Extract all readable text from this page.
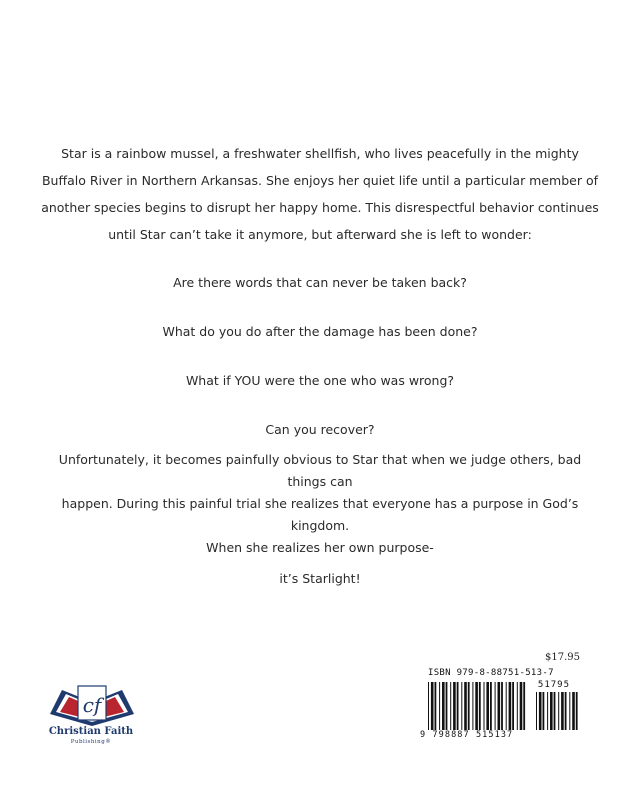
Star is a rainbow mussel, a freshwater shellfish, who lives peacefully in the mighty Buffalo River in Northern Arkansas. She enjoys her quiet life until a particular member of another species begins to disrupt her happy home. This disrespectful behavior continues until Star can’t take it anymore, but afterward she is left to wonder:

Are there words that can never be taken back?

What do you do after the damage has been done?

What if YOU were the one who was wrong?

Can you recover?

Unfortunately, it becomes painfully obvious to Star that when we judge others, bad things can
happen. During this painful trial she realizes that everyone has a purpose in God’s kingdom.
When she realizes her own purpose-

it’s Starlight!

cf
Christian Faith
Publishing®
$17.95
ISBN 979-8-88751-513-7
51795
9 798887 515137
